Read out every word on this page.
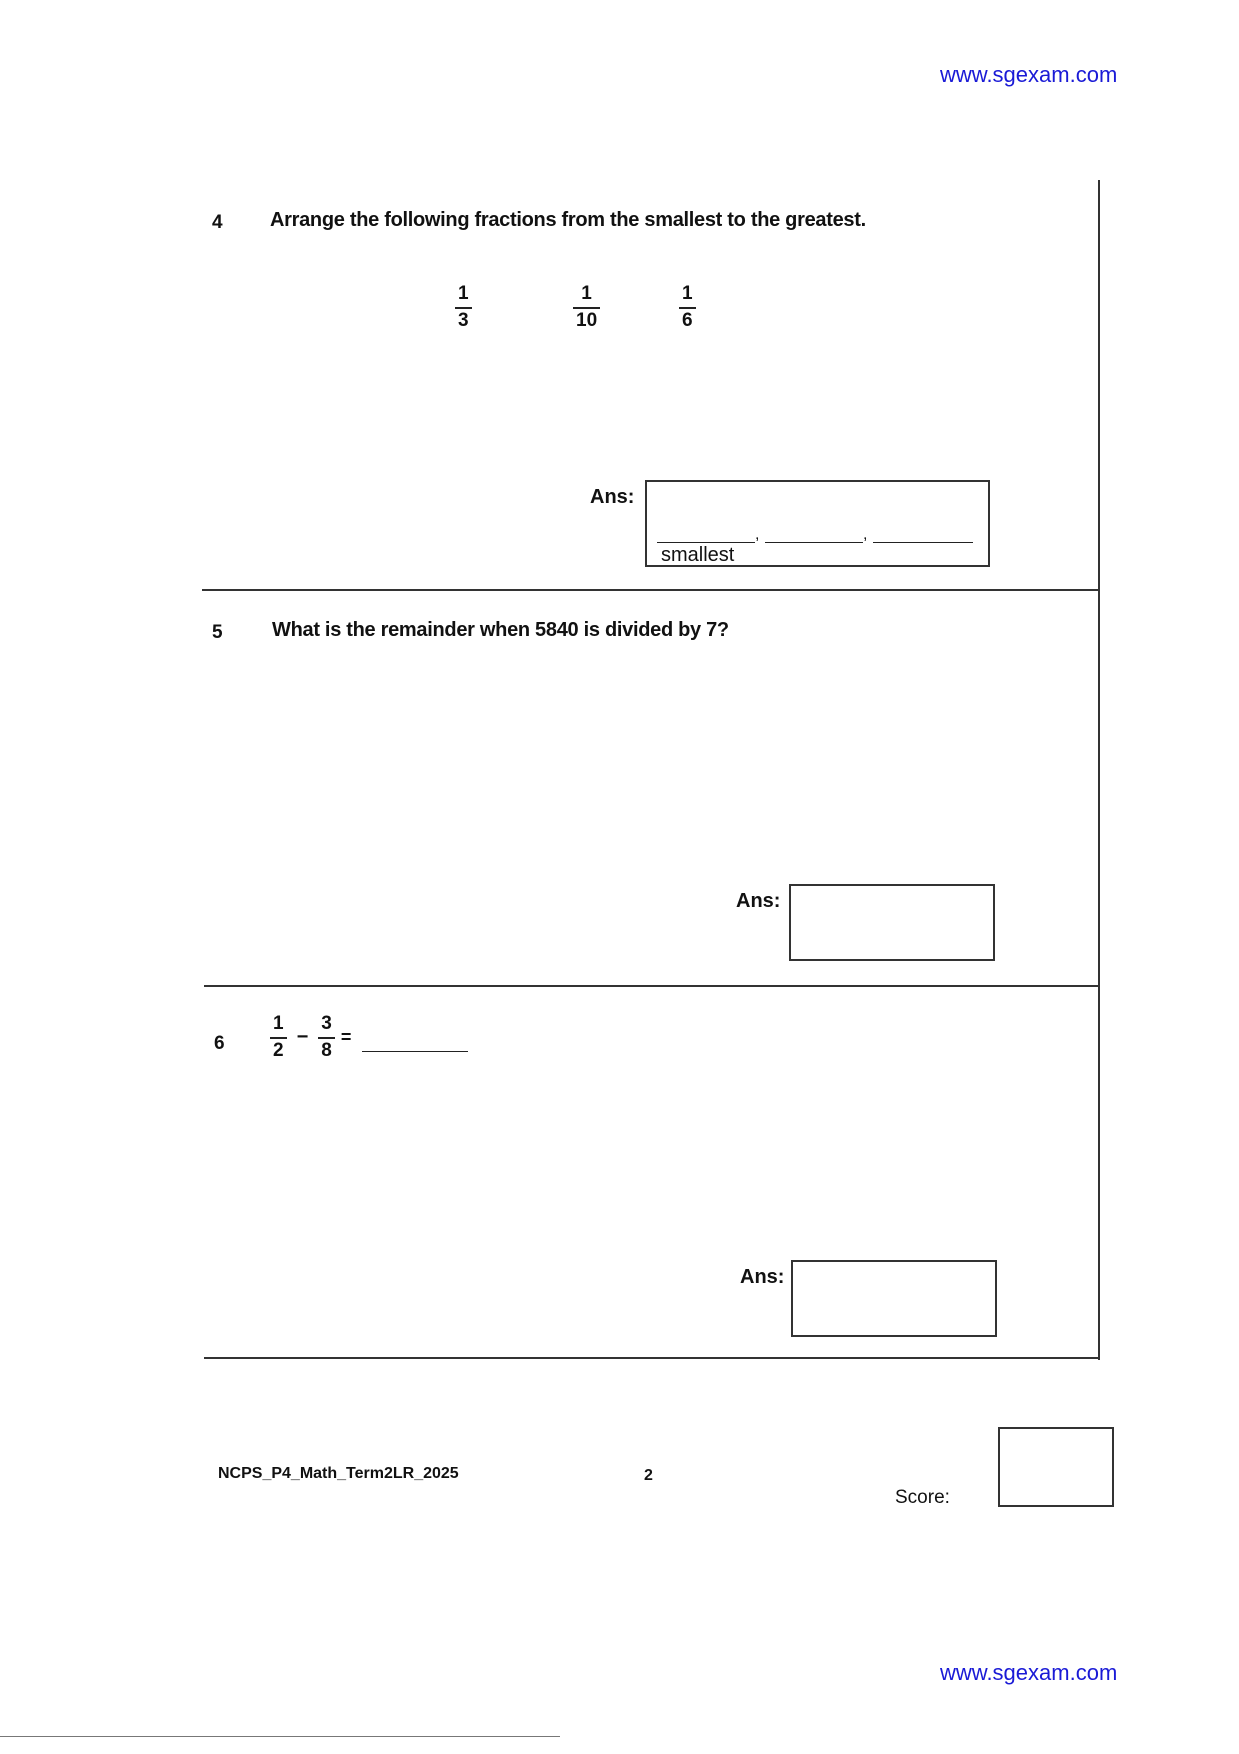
www.sgexam.com
4 Arrange the following fractions from the smallest to the greatest.
1
3
1
10
1
6
Ans:
,	,
smallest
5 What is the remainder when 5840 is divided by 7?
Ans:
$6 \frac{1}{2} - \frac{3}{8}$ =
Ans:
NCPS_P4_Math_Term2LR_2025	2
Score:
www.sgexam.com
